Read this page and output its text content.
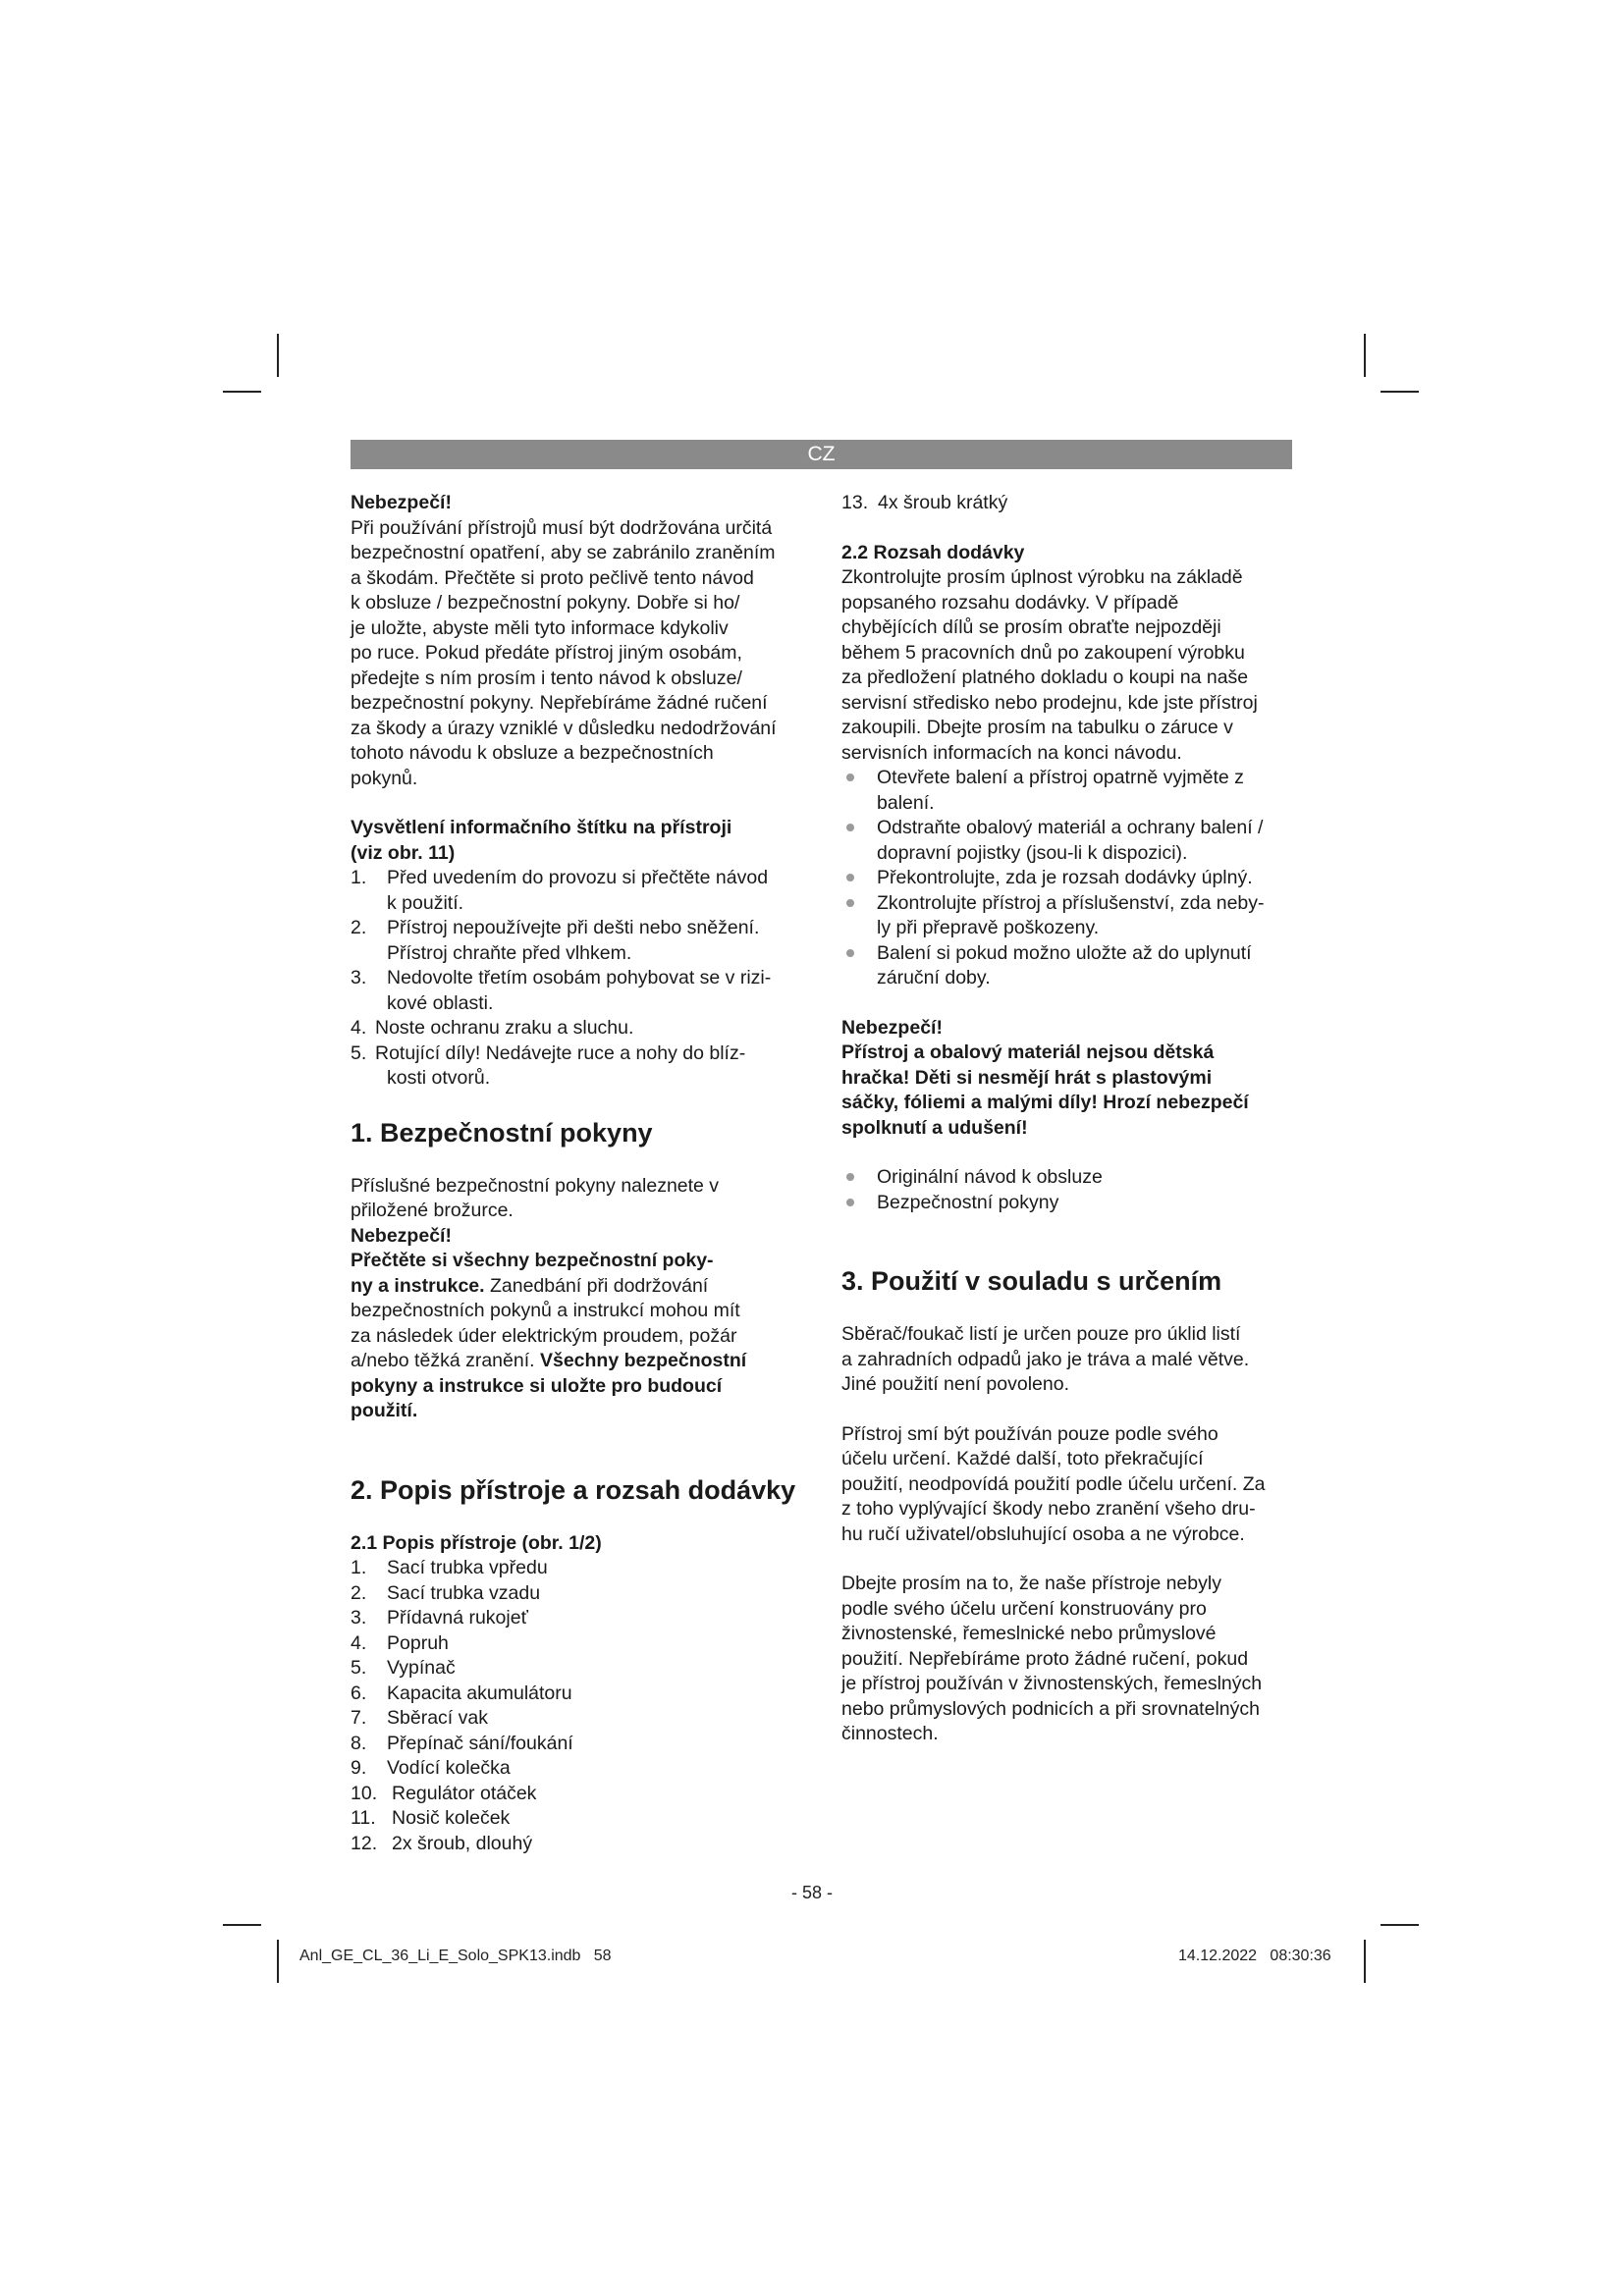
CZ

Nebezpečí!

Při používání přístrojů musí být dodržována určitá

bezpečnostní opatření, aby se zabránilo zraněním

a škodám. Přečtěte si proto pečlivě tento návod

k obsluze / bezpečnostní pokyny. Dobře si ho/

je uložte, abyste měli tyto informace kdykoliv

po ruce. Pokud předáte přístroj jiným osobám,

předejte s ním prosím i tento návod k obsluze/

bezpečnostní pokyny. Nepřebíráme žádné ručení

za škody a úrazy vzniklé v důsledku nedodržování

tohoto návodu k obsluze a bezpečnostních

pokynů.

Vysvětlení informačního štítku na přístroji

(viz obr. 11)

1. Před uvedením do provozu si přečtěte návod
k použití.
2. Přístroj nepoužívejte při dešti nebo sněžení.
Přístroj chraňte před vlhkem.
3. Nedovolte třetím osobám pohybovat se v rizi-
kové oblasti.
4. Noste ochranu zraku a sluchu.
5. Rotující díly! Nedávejte ruce a nohy do blíz-
kosti otvorů.
1. Bezpečnostní pokyny

Příslušné bezpečnostní pokyny naleznete v

přiložené brožurce.

Nebezpečí!

Přečtěte si všechny bezpečnostní poky-

ny a instrukce. Zanedbání při dodržování

bezpečnostních pokynů a instrukcí mohou mít

za následek úder elektrickým proudem, požár

a/nebo těžká zranění. Všechny bezpečnostní

pokyny a instrukce si uložte pro budoucí

použití.

2. Popis přístroje a rozsah dodávky

2.1 Popis přístroje (obr. 1/2)

1. Sací trubka vpředu
2. Sací trubka vzadu
3. Přídavná rukojeť
4. Popruh
5. Vypínač
6. Kapacita akumulátoru
7. Sběrací vak
8. Přepínač sání/foukání
9. Vodící kolečka
10. Regulátor otáček
11. Nosič koleček
12. 2x šroub, dlouhý
13. 4x šroub krátký

2.2 Rozsah dodávky

Zkontrolujte prosím úplnost výrobku na základě

popsaného rozsahu dodávky. V případě

chybějících dílů se prosím obraťte nejpozději

během 5 pracovních dnů po zakoupení výrobku

za předložení platného dokladu o koupi na naše

servisní středisko nebo prodejnu, kde jste přístroj

zakoupili. Dbejte prosím na tabulku o záruce v

servisních informacích na konci návodu.

Otevřete balení a přístroj opatrně vyjměte z
balení.
Odstraňte obalový materiál a ochrany balení /
dopravní pojistky (jsou-li k dispozici).
Překontrolujte, zda je rozsah dodávky úplný.
Zkontrolujte přístroj a příslušenství, zda neby-
ly při přepravě poškozeny.
Balení si pokud možno uložte až do uplynutí
záruční doby.

Nebezpečí!

Přístroj a obalový materiál nejsou dětská

hračka! Děti si nesmějí hrát s plastovými

sáčky, fóliemi a malými díly! Hrozí nebezpečí

spolknutí a udušení!

Originální návod k obsluze
Bezpečnostní pokyny
3. Použití v souladu s určením

Sběrač/foukač listí je určen pouze pro úklid listí

a zahradních odpadů jako je tráva a malé větve.

Jiné použití není povoleno.

Přístroj smí být používán pouze podle svého

účelu určení. Každé další, toto překračující

použití, neodpovídá použití podle účelu určení. Za

z toho vyplývající škody nebo zranění všeho dru-

hu ručí uživatel/obsluhující osoba a ne výrobce.

Dbejte prosím na to, že naše přístroje nebyly

podle svého účelu určení konstruovány pro

živnostenské, řemeslnické nebo průmyslové

použití. Nepřebíráme proto žádné ručení, pokud

je přístroj používán v živnostenských, řemeslných

nebo průmyslových podnicích a při srovnatelných

činnostech.

- 58 -
Anl_GE_CL_36_Li_E_Solo_SPK13.indb   58	14.12.2022   08:30:36
